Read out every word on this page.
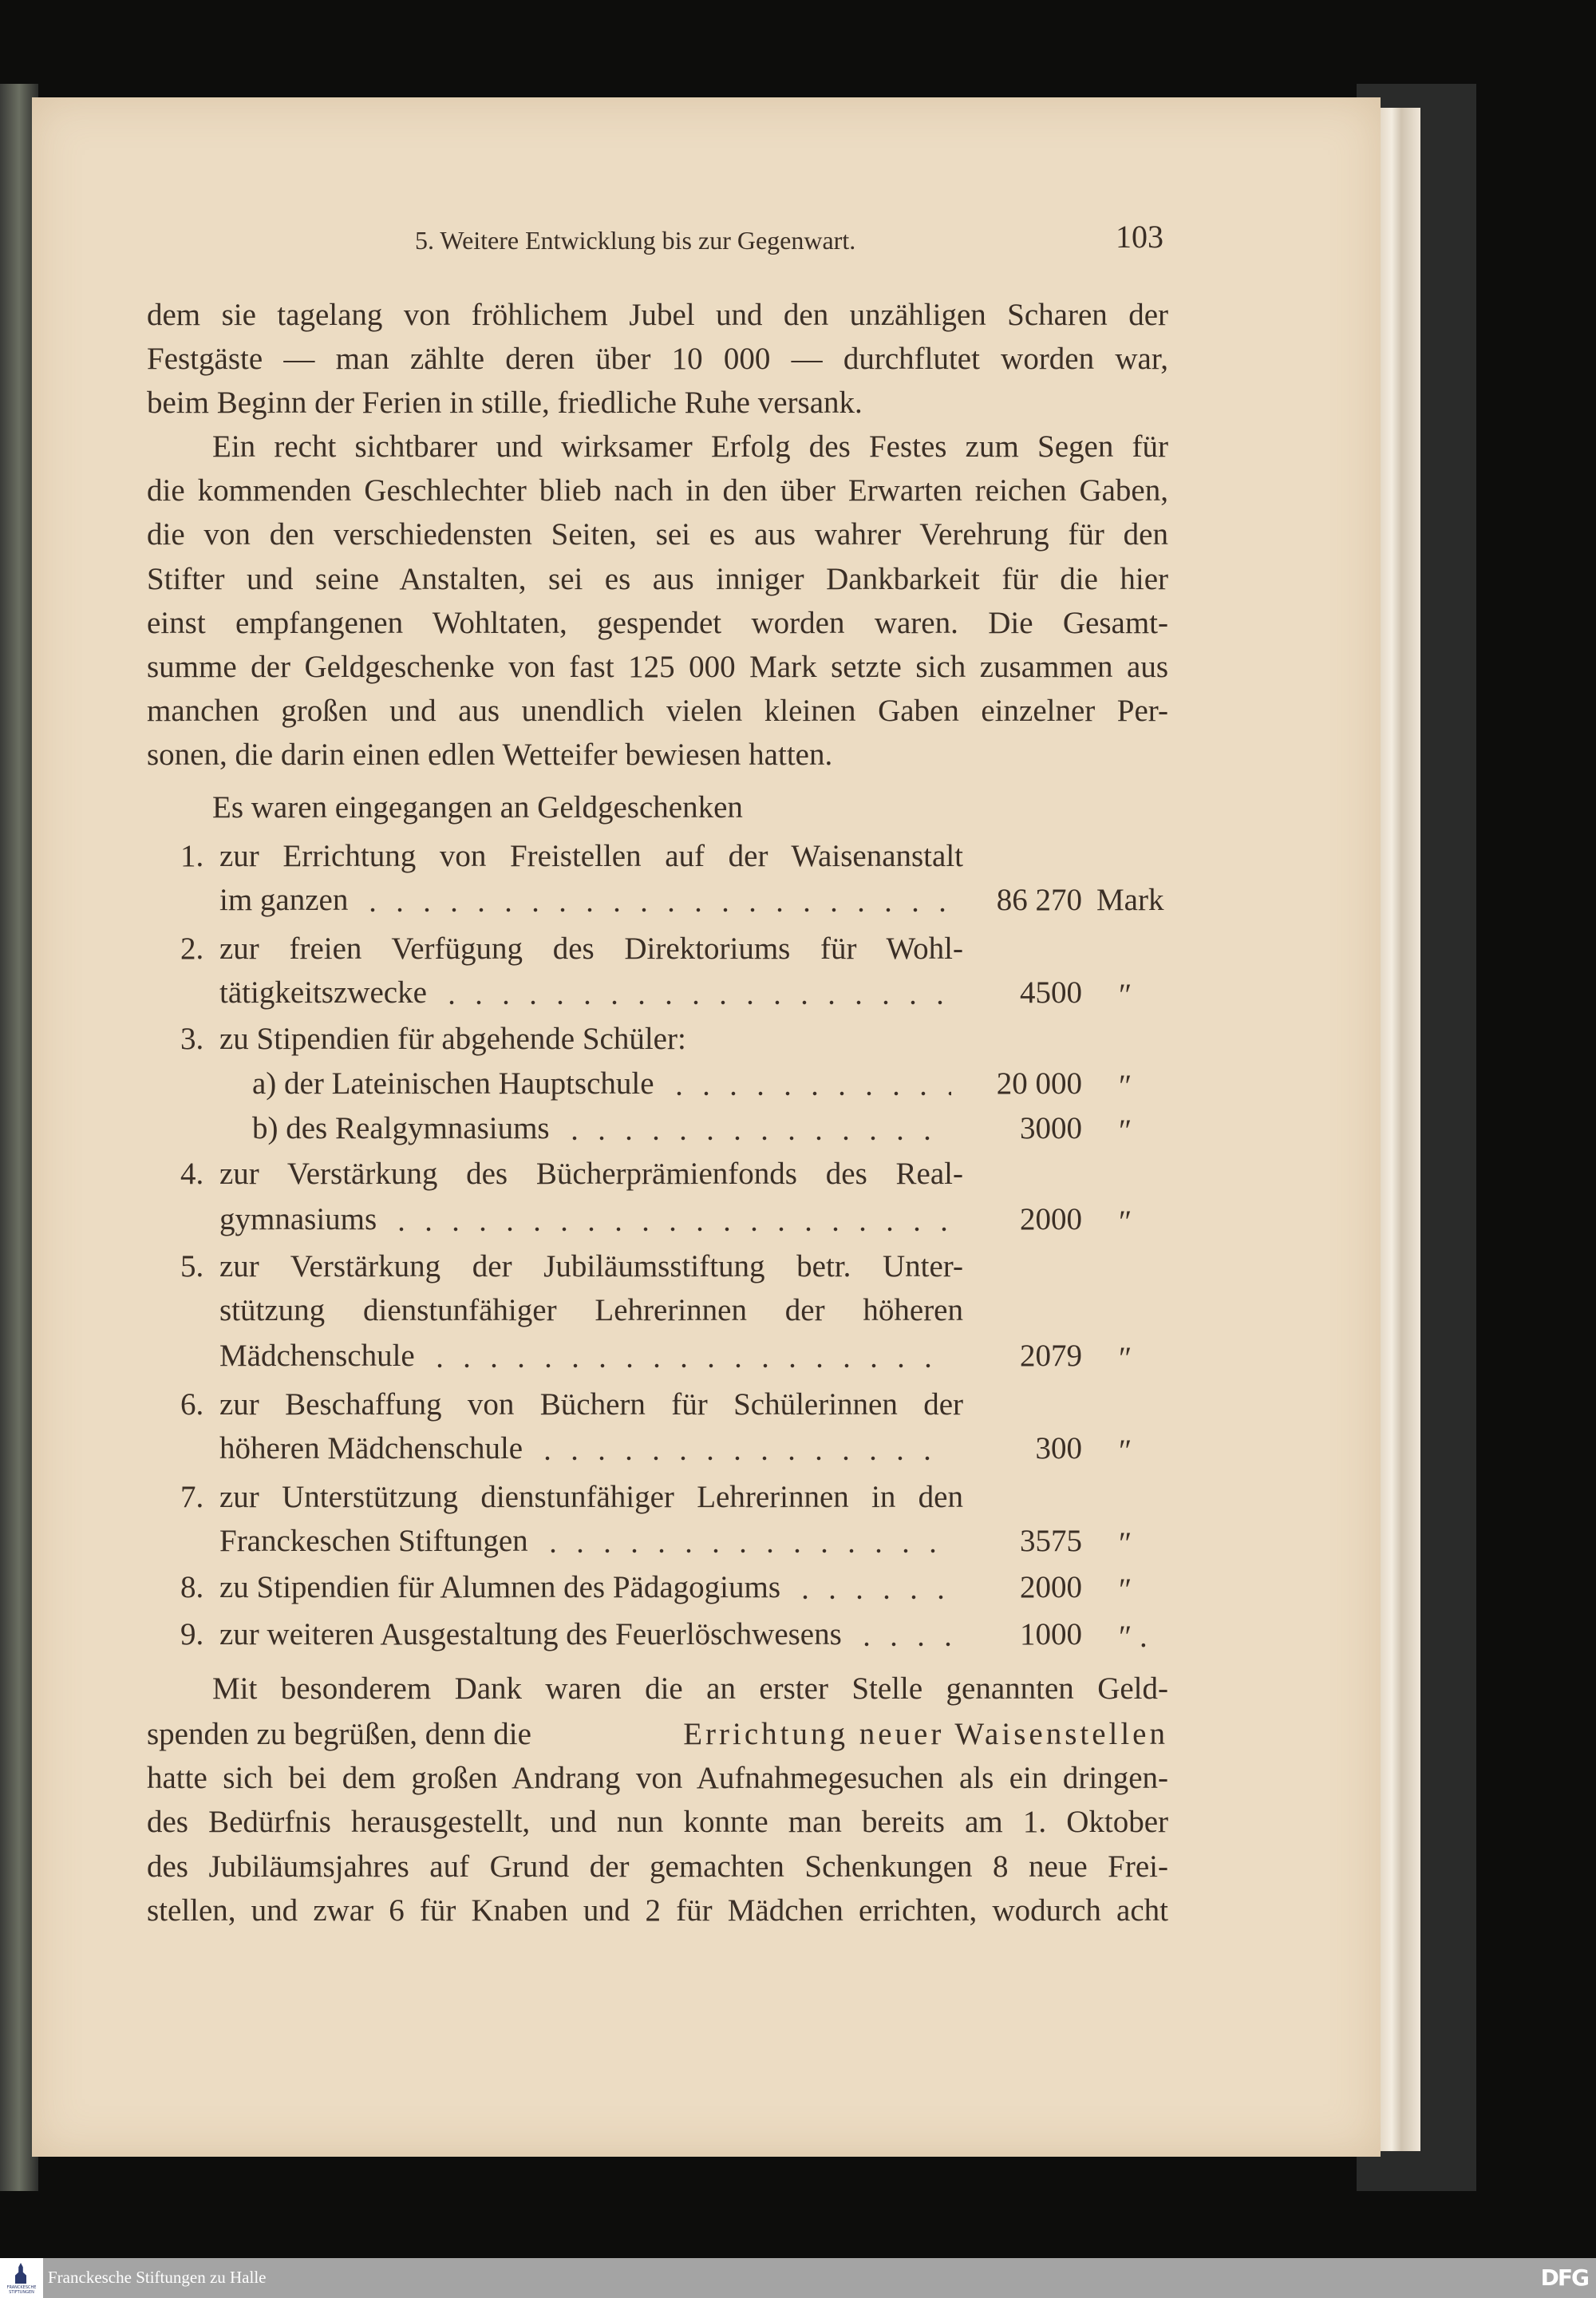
5. Weitere Entwicklung bis zur Gegenwart.	103
dem sie tagelang von fröhlichem Jubel und den unzähligen Scharen der
Festgäste — man zählte deren über 10 000 — durchflutet worden war,
beim Beginn der Ferien in stille, friedliche Ruhe versank.
Ein recht sichtbarer und wirksamer Erfolg des Festes zum Segen für
die kommenden Geschlechter blieb nach in den über Erwarten reichen Gaben,
die von den verschiedensten Seiten, sei es aus wahrer Verehrung für den
Stifter und seine Anstalten, sei es aus inniger Dankbarkeit für die hier
einst empfangenen Wohltaten, gespendet worden waren. Die Gesamt-
summe der Geldgeschenke von fast 125 000 Mark setzte sich zusammen aus
manchen großen und aus unendlich vielen kleinen Gaben einzelner Per-
sonen, die darin einen edlen Wetteifer bewiesen hatten.
Es waren eingegangen an Geldgeschenken
1. zur Errichtung von Freistellen auf der Waisenanstalt
im ganzen	86 270 Mark
2. zur freien Verfügung des Direktoriums für Wohl-
tätigkeitszwecke	4500 ″
3. zu Stipendien für abgehende Schüler:
a) der Lateinischen Hauptschule	20 000 ″
b) des Realgymnasiums	3000 ″
4. zur Verstärkung des Bücherprämienfonds des Real-
gymnasiums	2000 ″
5. zur Verstärkung der Jubiläumsstiftung betr. Unter-
stützung dienstunfähiger Lehrerinnen der höheren
Mädchenschule	2079 ″
6. zur Beschaffung von Büchern für Schülerinnen der
höheren Mädchenschule	300 ″
7. zur Unterstützung dienstunfähiger Lehrerinnen in den
Franckeschen Stiftungen	3575 ″
8. zu Stipendien für Alumnen des Pädagogiums	2000 ″
9. zur weiteren Ausgestaltung des Feuerlöschwesens	1000 ″ .
Mit besonderem Dank waren die an erster Stelle genannten Geld-
spenden zu begrüßen, denn die	Errichtung neuer Waisenstellen
hatte sich bei dem großen Andrang von Aufnahmegesuchen als ein dringen-
des Bedürfnis herausgestellt, und nun konnte man bereits am 1. Oktober
des Jubiläumsjahres auf Grund der gemachten Schenkungen 8 neue Frei-
stellen, und zwar 6 für Knaben und 2 für Mädchen errichten, wodurch acht
FRANCKESCHE STIFTUNGEN
Franckesche Stiftungen zu Halle	DFG
